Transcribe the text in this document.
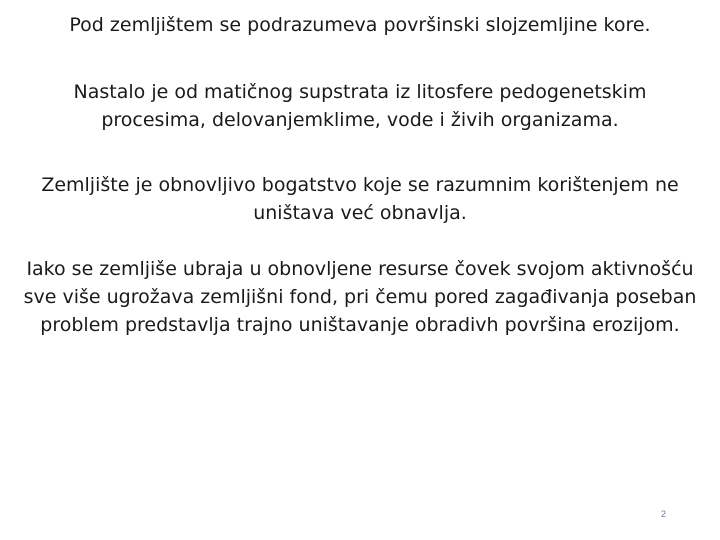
Pod zemljištem se podrazumeva površinski slojzemljine kore.

Nastalo je od matičnog supstrata iz litosfere pedogenetskim procesima, delovanjemklime, vode i živih organizama.

Zemljište je obnovljivo bogatstvo koje se razumnim korištenjem ne uništava već obnavlja.

Iako se zemljiše ubraja u obnovljene resurse čovek svojom aktivnošću sve više ugrožava zemljišni fond, pri čemu pored zagađivanja poseban problem predstavlja trajno uništavanje obradivh površina erozijom.

2
